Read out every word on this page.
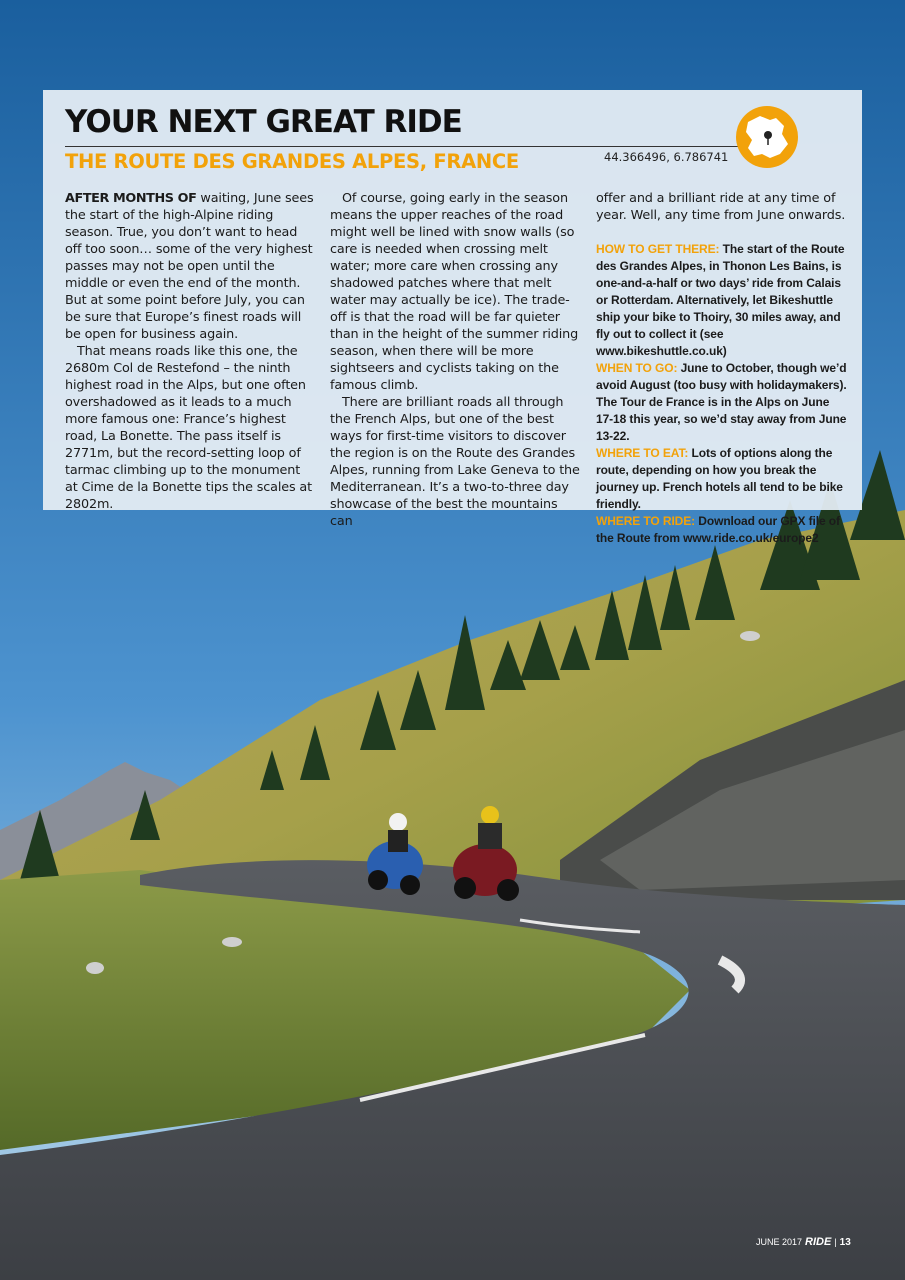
YOUR NEXT GREAT RIDE
THE ROUTE DES GRANDES ALPES, FRANCE	44.366496, 6.786741

AFTER MONTHS OF waiting, June sees the start of the high-Alpine riding season. True, you don’t want to head off too soon… some of the very highest passes may not be open until the middle or even the end of the month. But at some point before July, you can be sure that Europe’s finest roads will be open for business again.

That means roads like this one, the 2680m Col de Restefond – the ninth highest road in the Alps, but one often overshadowed as it leads to a much more famous one: France’s highest road, La Bonette. The pass itself is 2771m, but the record-setting loop of tarmac climbing up to the monument at Cime de la Bonette tips the scales at 2802m.

Of course, going early in the season means the upper reaches of the road might well be lined with snow walls (so care is needed when crossing melt water; more care when crossing any shadowed patches where that melt water may actually be ice). The trade-off is that the road will be far quieter than in the height of the summer riding season, when there will be more sightseers and cyclists taking on the famous climb.

There are brilliant roads all through the French Alps, but one of the best ways for first-time visitors to discover the region is on the Route des Grandes Alpes, running from Lake Geneva to the Mediterranean. It’s a two-to-three day showcase of the best the mountains can

offer and a brilliant ride at any time of year. Well, any time from June onwards.

HOW TO GET THERE: The start of the Route des Grandes Alpes, in Thonon Les Bains, is one-and-a-half or two days’ ride from Calais or Rotterdam. Alternatively, let Bikeshuttle ship your bike to Thoiry, 30 miles away, and fly out to collect it (see www.bikeshuttle.co.uk)

WHEN TO GO: June to October, though we’d avoid August (too busy with holidaymakers). The Tour de France is in the Alps on June 17-18 this year, so we’d stay away from June 13-22.

WHERE TO EAT: Lots of options along the route, depending on how you break the journey up. French hotels all tend to be bike friendly.

WHERE TO RIDE: Download our GPX file of the Route from www.ride.co.uk/europe2

JUNE 2017 RIDE | 13
